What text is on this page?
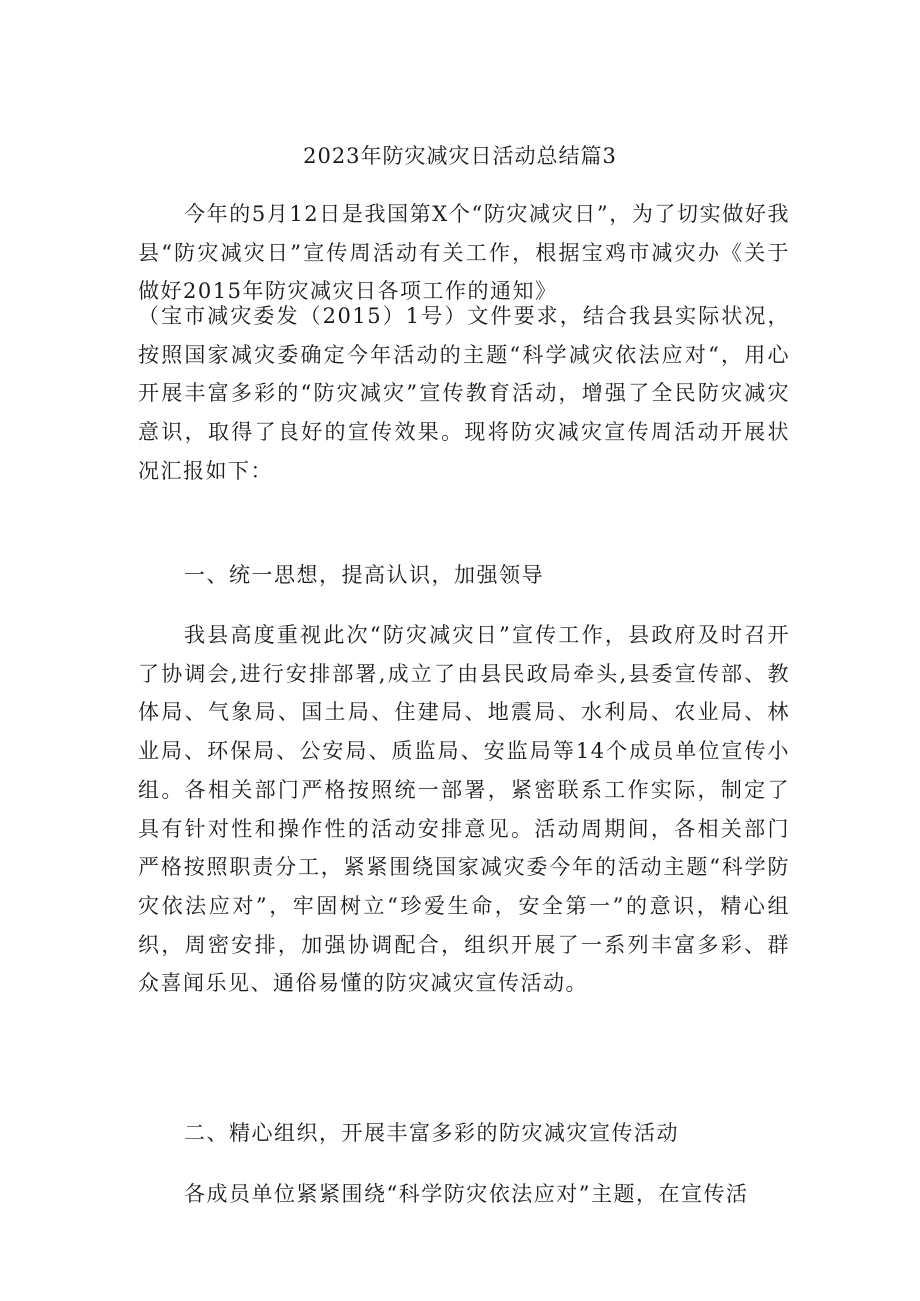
2023年防灾减灾日活动总结篇3

今年的5月12日是我国第X个“防灾减灾日”，为了切实做好我县“防灾减灾日”宣传周活动有关工作，根据宝鸡市减灾办《关于做好2015年防灾减灾日各项工作的通知》

（宝市减灾委发（2015）1号）文件要求，结合我县实际状况，按照国家减灾委确定今年活动的主题“科学减灾依法应对“，用心开展丰富多彩的“防灾减灾”宣传教育活动，增强了全民防灾减灾意识，取得了良好的宣传效果。现将防灾减灾宣传周活动开展状况汇报如下：

一、统一思想，提高认识，加强领导

我县高度重视此次“防灾减灾日”宣传工作，县政府及时召开了协调会,进行安排部署,成立了由县民政局牵头,县委宣传部、教体局、气象局、国土局、住建局、地震局、水利局、农业局、林业局、环保局、公安局、质监局、安监局等14个成员单位宣传小组。各相关部门严格按照统一部署，紧密联系工作实际，制定了具有针对性和操作性的活动安排意见。活动周期间，各相关部门严格按照职责分工，紧紧围绕国家减灾委今年的活动主题“科学防灾依法应对”，牢固树立“珍爱生命，安全第一”的意识，精心组织，周密安排，加强协调配合，组织开展了一系列丰富多彩、群众喜闻乐见、通俗易懂的防灾减灾宣传活动。

二、精心组织，开展丰富多彩的防灾减灾宣传活动

各成员单位紧紧围绕“科学防灾依法应对”主题，在宣传活
